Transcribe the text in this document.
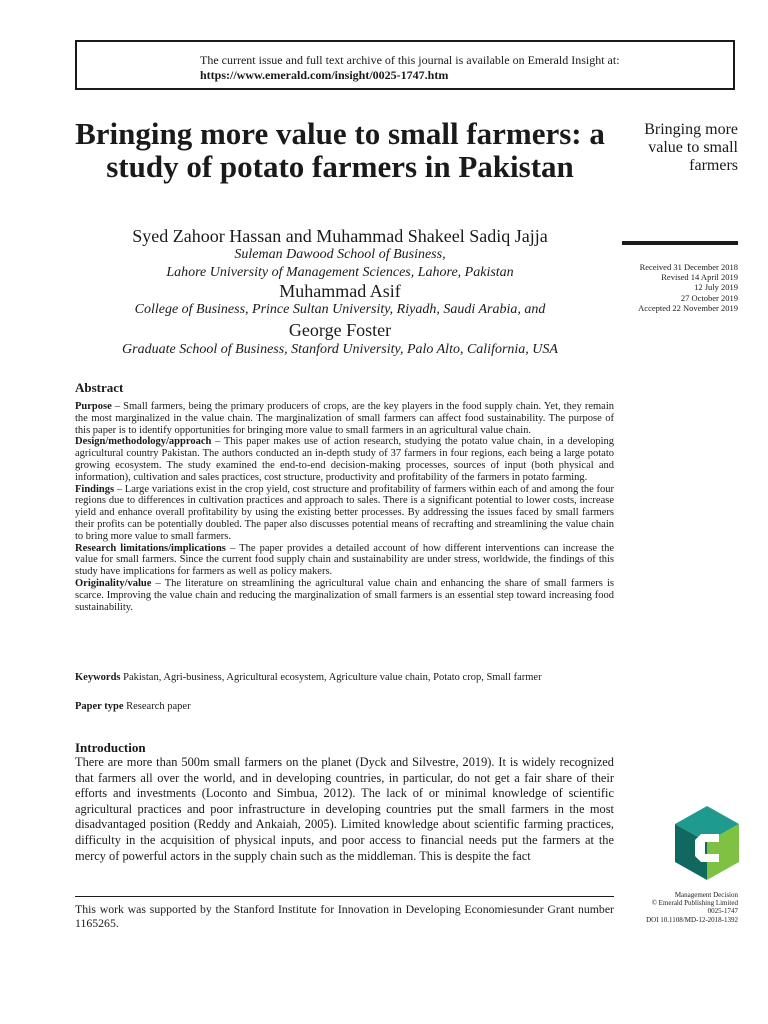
The current issue and full text archive of this journal is available on Emerald Insight at:
https://www.emerald.com/insight/0025-1747.htm
Bringing more value to small farmers: a study of potato farmers in Pakistan
Syed Zahoor Hassan and Muhammad Shakeel Sadiq Jajja
Suleman Dawood School of Business,
Lahore University of Management Sciences, Lahore, Pakistan
Muhammad Asif
College of Business, Prince Sultan University, Riyadh, Saudi Arabia, and
George Foster
Graduate School of Business, Stanford University, Palo Alto, California, USA
Bringing more
value to small
farmers
Received 31 December 2018
Revised 14 April 2019
12 July 2019
27 October 2019
Accepted 22 November 2019
Abstract

Purpose – Small farmers, being the primary producers of crops, are the key players in the food supply chain. Yet, they remain the most marginalized in the value chain. The marginalization of small farmers can affect food sustainability. The purpose of this paper is to identify opportunities for bringing more value to small farmers in an agricultural value chain.

Design/methodology/approach – This paper makes use of action research, studying the potato value chain, in a developing agricultural country Pakistan. The authors conducted an in-depth study of 37 farmers in four regions, each being a large potato growing ecosystem. The study examined the end-to-end decision-making processes, sources of input (both physical and information), cultivation and sales practices, cost structure, productivity and profitability of the farmers in potato farming.

Findings – Large variations exist in the crop yield, cost structure and profitability of farmers within each of and among the four regions due to differences in cultivation practices and approach to sales. There is a significant potential to lower costs, increase yield and enhance overall profitability by using the existing better processes. By addressing the issues faced by small farmers their profits can be potentially doubled. The paper also discusses potential means of recrafting and streamlining the value chain to bring more value to small farmers.

Research limitations/implications – The paper provides a detailed account of how different interventions can increase the value for small farmers. Since the current food supply chain and sustainability are under stress, worldwide, the findings of this study have implications for farmers as well as policy makers.

Originality/value – The literature on streamlining the agricultural value chain and enhancing the share of small farmers is scarce. Improving the value chain and reducing the marginalization of small farmers is an essential step toward increasing food sustainability.

Keywords Pakistan, Agri-business, Agricultural ecosystem, Agriculture value chain, Potato crop, Small farmer
Paper type Research paper
Introduction

There are more than 500m small farmers on the planet (Dyck and Silvestre, 2019). It is widely recognized that farmers all over the world, and in developing countries, in particular, do not get a fair share of their efforts and investments (Loconto and Simbua, 2012). The lack of or minimal knowledge of scientific agricultural practices and poor infrastructure in developing countries put the small farmers in the most disadvantaged position (Reddy and Ankaiah, 2005). Limited knowledge about scientific farming practices, difficulty in the acquisition of physical inputs, and poor access to financial needs put the farmers at the mercy of powerful actors in the supply chain such as the middleman. This is despite the fact

This work was supported by the Stanford Institute for Innovation in Developing Economiesunder Grant number 1165265.

Management Decision
© Emerald Publishing Limited
0025-1747
DOI 10.1108/MD-12-2018-1392
